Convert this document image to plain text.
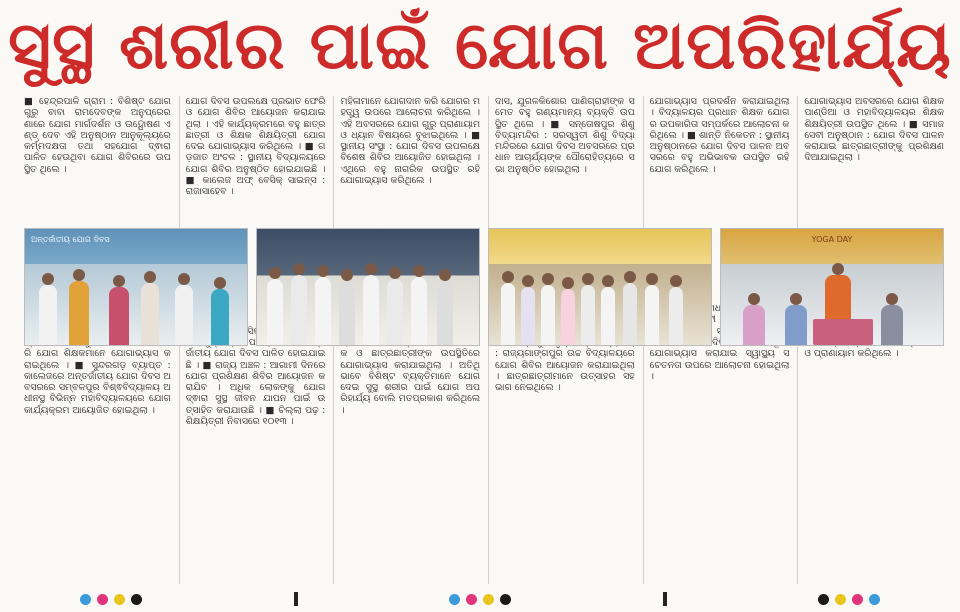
ସୁସ୍ଥ ଶରୀର ପାଇଁ ଯୋଗ ଅପରିହାର୍ଯ୍ୟ

■ ହେନ୍ଦ୍ରପାଳି ଗ୍ରାମ : ବିଶିଷ୍ଟ ଯୋଗ ଗୁରୁ ବାବା ରାମଦେବଙ୍କ ଅନୁପ୍ରେରଣାରେ ଯୋଗ ମାର୍ଗଦର୍ଶନ ଓ ଉଦ୍ଘୋଷଣ ଏଣ୍ଡ୍ ଦେବ ଏହି ଅନୁଷ୍ଠାନ ଆନୁକୂଲ୍ୟରେ କର୍ମ୍ମଦକ୍ଷତା ତଥା ସହଯୋଗ ଦ୍ଵାରା ପାଳିତ ହେଉଥିବା ଯୋଗ ଶିବିରରେ ଉପସ୍ଥିତ ଥିଲେ ।

ରି ଯୋଗ ଶିକ୍ଷକମାନେ ଯୋଗାଭ୍ୟାସ କରାଇଥିଲେ । ■ ସୁନ୍ଦରଗଡ଼ ବ୍ୟାପ୍ତ : କାଲେଜରେ ଅନ୍ତର୍ଜାତୀୟ ଯୋଗ ଦିବସ ଅବସରରେ ସମ୍ବଳପୁର ବିଶ୍ଵବିଦ୍ୟାଳୟ ଅଧୀନସ୍ଥ ବିଭିନ୍ନ ମହାବିଦ୍ୟାଳୟରେ ଯୋଗ କାର୍ଯ୍ୟକ୍ରମ ଆୟୋଜିତ ହୋଇଥିଲା ।

ଯୋଗ ଦିବସ ଉପଲକ୍ଷେ ପ୍ରଭାତ ଫେରି ଓ ଯୋଗ ଶିବିର ଆୟୋଜନ କରାଯାଇଥିଲା । ଏହି କାର୍ଯ୍ୟକ୍ରମରେ ବହୁ ଛାତ୍ରଛାତ୍ରୀ ଓ ଶିକ୍ଷକ ଶିକ୍ଷୟିତ୍ରୀ ଯୋଗଦେଇ ଯୋଗାଭ୍ୟାସ କରିଥିଲେ । ■ ଗଡ଼ଜାତ ଅଂଚଳ : ସ୍ଥାନୀୟ ବିଦ୍ୟାଳୟରେ ଯୋଗ ଶିବିର ଅନୁଷ୍ଠିତ ହୋଇଯାଇଛି । ■ କାଲେଜ ଅଫ୍ ବେସିକ୍ ସାଇନ୍ସ : ରାଜାସାହେବ ।

ବେସିକ ର୍ଜାତୀୟ ଯୋଗ ଦିବସ ପାଳିତ ହୋଇଯାଇଛି । ■ ରାଜ୍ୟ ଅଞ୍ଚଳ : ଆଗାମୀ ଦିନରେ ଯୋଗ ପ୍ରଶିକ୍ଷଣ ଶିବିର ଆୟୋଜନ କରାଯିବ । ଅଧିକ ଲୋକଙ୍କୁ ଯୋଗ ଦ୍ଵାରା ସୁସ୍ଥ ଜୀବନ ଯାପନ ପାଇଁ ଉତ୍ସାହିତ କରାଯାଉଛି । ■ ଚିଲ୍ଲା ପଢ଼ : ଶିକ୍ଷୟିତ୍ରୀ ନିବାସରେ ୧୦୧୩ ।

ମହିଳାମାନେ ଯୋଗଦାନ କରି ଯୋଗର ମହତ୍ତ୍ୱ ଉପରେ ଆଲୋଚନା କରିଥିଲେ । ଏହି ଅବସରରେ ଯୋଗ ଗୁରୁ ପ୍ରାଣାୟାମ ଓ ଧ୍ୟାନ ବିଷୟରେ ବୁଝାଇଥିଲେ । ■ ସ୍ଥାନୀୟ ସଂସ୍ଥା : ଯୋଗ ଦିବସ ଉପଲକ୍ଷେ ବିଶେଷ ଶିବିର ଆୟୋଜିତ ହୋଇଥିଲା । ଏଥିରେ ବହୁ ନାଗରିକ ଉପସ୍ଥିତ ରହି ଯୋଗାଭ୍ୟାସ କରିଥିଲେ ।

କ ଓ ଛାତ୍ରଛାତ୍ରୀଙ୍କ ଉପସ୍ଥିତିରେ ଯୋଗାଭ୍ୟାସ କରାଯାଇଥିଲା । ଅତିଥି ଭାବେ ବିଶିଷ୍ଟ ବ୍ୟକ୍ତିମାନେ ଯୋଗଦେଇ ସୁସ୍ଥ ଶରୀର ପାଇଁ ଯୋଗ ଅପରିହାର୍ଯ୍ୟ ବୋଲି ମତପ୍ରକାଶ କରିଥିଲେ ।

ଦାସ, ଯୁଗଳକିଶୋର ପାଣିଗ୍ରାହୀଙ୍କ ସମେତ ବହୁ ଗଣ୍ୟମାନ୍ୟ ବ୍ୟକ୍ତି ଉପସ୍ଥିତ ଥିଲେ । ■ ସନ୍ତୋଷପୁର ଶିଶୁ ବିଦ୍ୟାମନ୍ଦିର : ସରସ୍ୱତୀ ଶିଶୁ ବିଦ୍ୟା ମନ୍ଦିରରେ ଯୋଗ ଦିବସ ଅବସରରେ ପ୍ରଧାନ ଆଚାର୍ଯ୍ୟଙ୍କ ପୌରୋହିତ୍ୟରେ ସଭା ଅନୁଷ୍ଠିତ ହୋଇଥିଲା ।

: ରାଜ୍ୟଗାଙ୍ଗପୁର ଉଚ୍ଚ ବିଦ୍ୟାଳୟରେ ଯୋଗ ଶିବିର ଆୟୋଜନ କରାଯାଇଥିଲା । ଛାତ୍ରଛାତ୍ରୀମାନେ ଉତ୍ସାହର ସହ ଭାଗ ନେଇଥିଲେ ।

ଯୋଗାଭ୍ୟାସ ପ୍ରଦର୍ଶନ କରାଯାଇଥିଲା । ବିଦ୍ୟାଳୟର ପ୍ରଧାନ ଶିକ୍ଷକ ଯୋଗର ଉପକାରିତା ସମ୍ପର୍କରେ ଆଲୋଚନା କରିଥିଲେ । ■ ଶାନ୍ତି ନିକେତନ : ସ୍ଥାନୀୟ ଅନୁଷ୍ଠାନରେ ଯୋଗ ଦିବସ ପାଳନ ଅବସରରେ ବହୁ ଅଭିଭାବକ ଉପସ୍ଥିତ ରହି ଯୋଗ କରିଥିଲେ ।

ଯୋଗାଭ୍ୟାସ କରାଯାଇ ସ୍ୱାସ୍ଥ୍ୟ ସଚେତନତା ଉପରେ ଆଲୋଚନା ହୋଇଥିଲା ।

ଯୋଗାଭ୍ୟାସ ଅବସରରେ ଯୋଗ ଶିକ୍ଷକ ପାଣ୍ଡିଆ ଓ ମହାବିଦ୍ୟାଳୟର ଶିକ୍ଷକ ଶିକ୍ଷୟିତ୍ରୀ ଉପସ୍ଥିତ ଥିଲେ । ■ ସମାଜସେବୀ ଅନୁଷ୍ଠାନ : ଯୋଗ ଦିବସ ପାଳନ କରାଯାଇ ଛାତ୍ରଛାତ୍ରୀଙ୍କୁ ପ୍ରଶିକ୍ଷଣ ଦିଆଯାଇଥିଲା ।

ଓ ପ୍ରାଣାୟାମ କରିଥିଲେ ।

ଅନ୍ତର୍ଜାତୀୟ ଯୋଗ ଦିବସ	YOGA DAY
